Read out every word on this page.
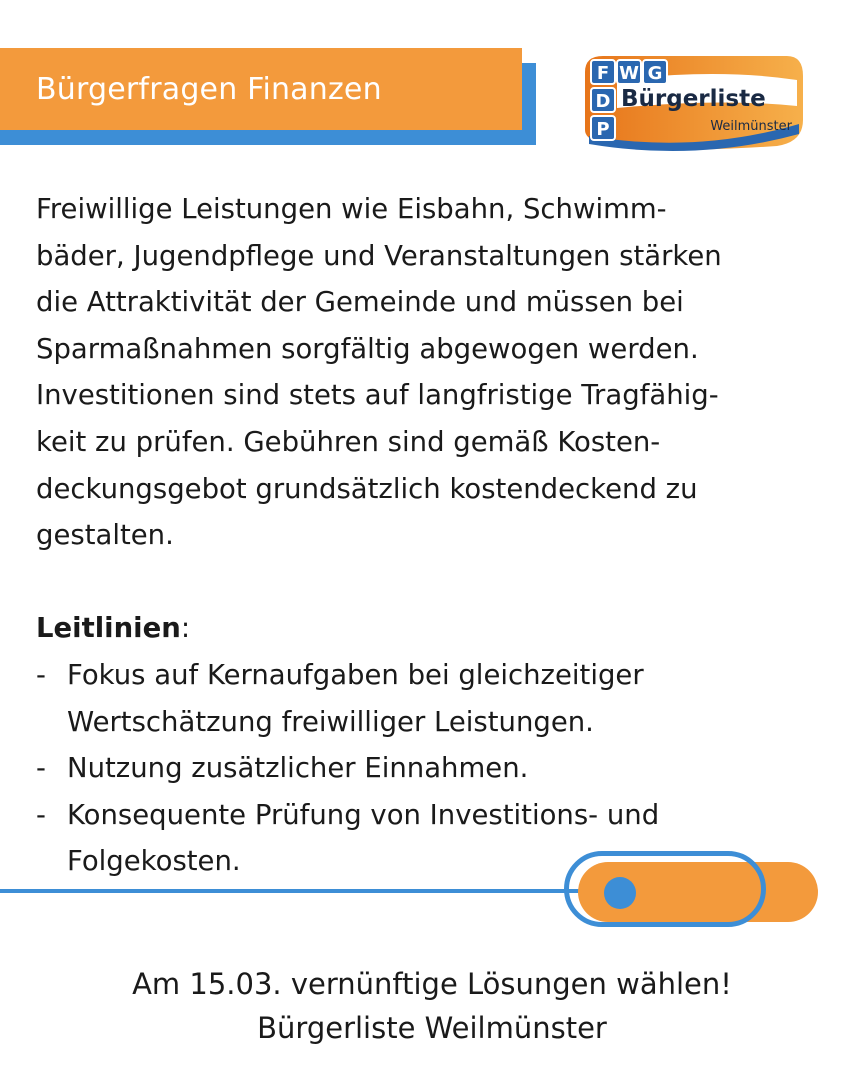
Bürgerfragen Finanzen	F W G
D
P
Bürgerliste
Weilmünster

Freiwillige Leistungen wie Eisbahn, Schwimm-

bäder, Jugendpflege und Veranstaltungen stärken

die Attraktivität der Gemeinde und müssen bei

Sparmaßnahmen sorgfältig abgewogen werden.

Investitionen sind stets auf langfristige Tragfähig-

keit zu prüfen. Gebühren sind gemäß Kosten-

deckungsgebot grundsätzlich kostendeckend zu

gestalten.

Leitlinien:
- Fokus auf Kernaufgaben bei gleichzeitiger
Wertschätzung freiwilliger Leistungen.
- Nutzung zusätzlicher Einnahmen.
- Konsequente Prüfung von Investitions- und
Folgekosten.
Am 15.03. vernünftige Lösungen wählen!
Bürgerliste Weilmünster
